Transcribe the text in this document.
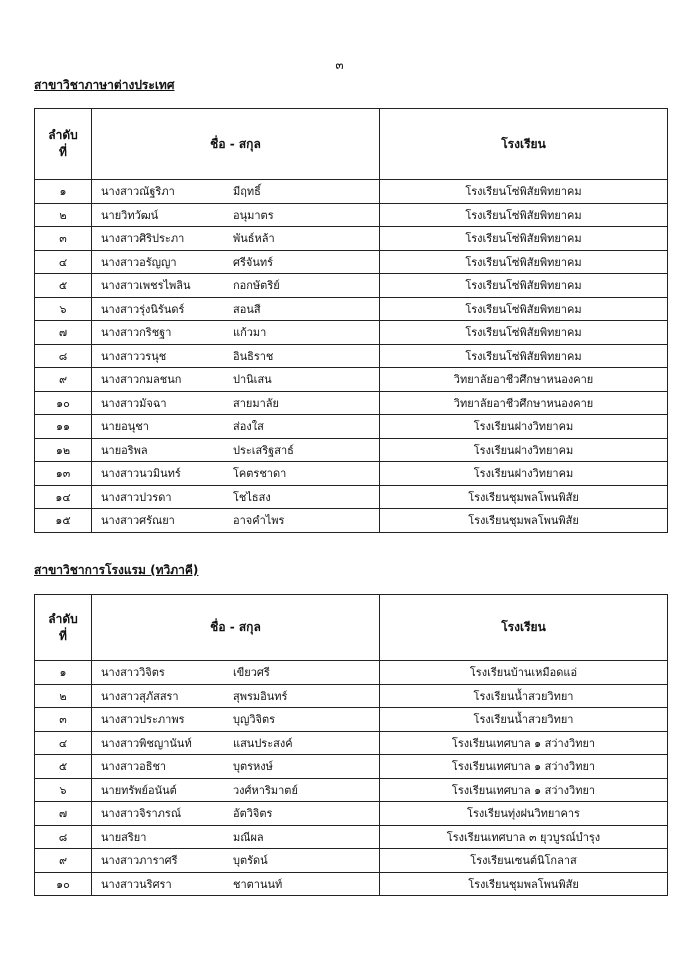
๓
สาขาวิชาภาษาต่างประเทศ
ลำดับ
ที่	ชื่อ - สกุล	โรงเรียน
๑	นางสาวณัฐริภา มีฤทธิ์	โรงเรียนโซ่พิสัยพิทยาคม
๒	นายวิทวัฒน์ อนุมาตร	โรงเรียนโซ่พิสัยพิทยาคม
๓	นางสาวศิริประภา พันธ์หล้า	โรงเรียนโซ่พิสัยพิทยาคม
๔	นางสาวอรัญญา ศรีจันทร์	โรงเรียนโซ่พิสัยพิทยาคม
๕	นางสาวเพชรไพลิน กอกษัตริย์	โรงเรียนโซ่พิสัยพิทยาคม
๖	นางสาวรุ่งนิรันดร์ สอนสี	โรงเรียนโซ่พิสัยพิทยาคม
๗	นางสาวกริชฐา แก้วมา	โรงเรียนโซ่พิสัยพิทยาคม
๘	นางสาววรนุช อินธิราช	โรงเรียนโซ่พิสัยพิทยาคม
๙	นางสาวกมลชนก ปานิเสน	วิทยาลัยอาชีวศึกษาหนองคาย
๑๐	นางสาวมัจฉา สายมาลัย	วิทยาลัยอาชีวศึกษาหนองคาย
๑๑	นายอนุชา ส่องใส	โรงเรียนฝางวิทยาคม
๑๒	นายอริพล ประเสริฐสาธ์	โรงเรียนฝางวิทยาคม
๑๓	นางสาวนวมินทร์ โคตรชาดา	โรงเรียนฝางวิทยาคม
๑๔	นางสาวปวรดา โชไธสง	โรงเรียนชุมพลโพนพิสัย
๑๕	นางสาวศรัณยา อาจคำไพร	โรงเรียนชุมพลโพนพิสัย
สาขาวิชาการโรงแรม (ทวิภาคี)
ลำดับ
ที่	ชื่อ - สกุล	โรงเรียน
๑	นางสาววิจิตร เขียวศรี	โรงเรียนบ้านเหมือดแอ่
๒	นางสาวสุภัสสรา สุพรมอินทร์	โรงเรียนน้ำสวยวิทยา
๓	นางสาวประภาพร บุญวิจิตร	โรงเรียนน้ำสวยวิทยา
๔	นางสาวพิชญานันท์ แสนประสงค์	โรงเรียนเทศบาล ๑ สว่างวิทยา
๕	นางสาวอธิชา บุตรหงษ์	โรงเรียนเทศบาล ๑ สว่างวิทยา
๖	นายทรัพย์อนันต์ วงศ์หาริมาตย์	โรงเรียนเทศบาล ๑ สว่างวิทยา
๗	นางสาวจิราภรณ์ อัตวิจิตร	โรงเรียนทุ่งฝนวิทยาคาร
๘	นายสริยา มณีผล	โรงเรียนเทศบาล ๓ ยุวบูรณ์บำรุง
๙	นางสาวภาราศรี บุตรัดน์	โรงเรียนเซนต์นิโกลาส
๑๐	นางสาวนริศรา ชาตานนท์	โรงเรียนชุมพลโพนพิสัย
